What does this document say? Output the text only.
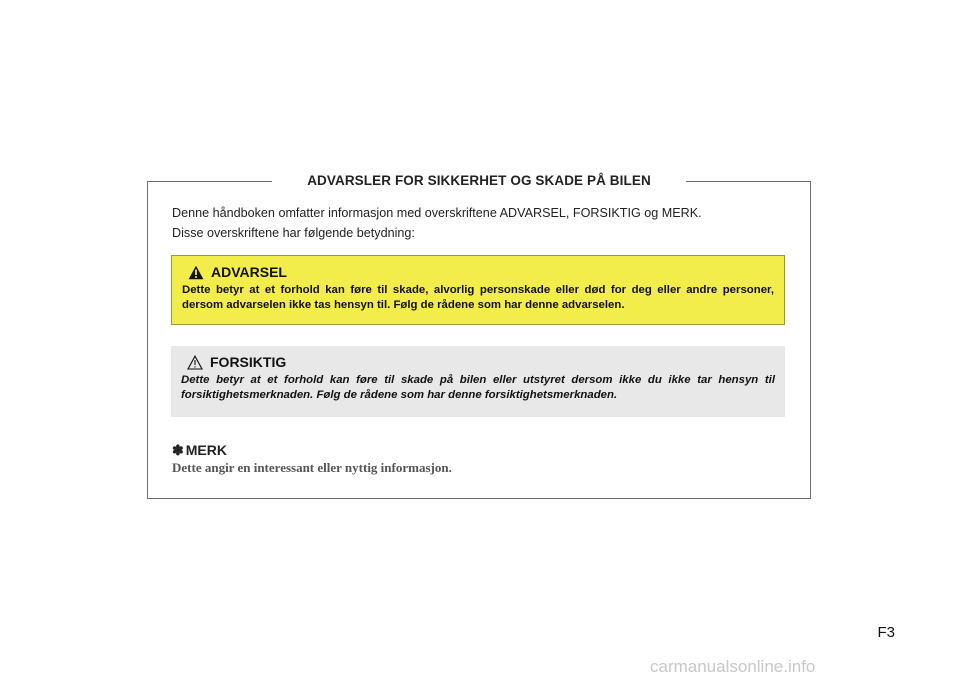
ADVARSLER FOR SIKKERHET OG SKADE PÅ BILEN
Denne håndboken omfatter informasjon med overskriftene ADVARSEL, FORSIKTIG og MERK.
Disse overskriftene har følgende betydning:
ADVARSEL
Dette betyr at et forhold kan føre til skade, alvorlig personskade eller død for deg eller andre personer, dersom advarselen ikke tas hensyn til. Følg de rådene som har denne advarselen.
FORSIKTIG
Dette betyr at et forhold kan føre til skade på bilen eller utstyret dersom ikke du ikke tar hensyn til forsiktighetsmerknaden. Følg de rådene som har denne forsiktighetsmerknaden.
✽ MERK
Dette angir en interessant eller nyttig informasjon.
F3
carmanualsonline.info
